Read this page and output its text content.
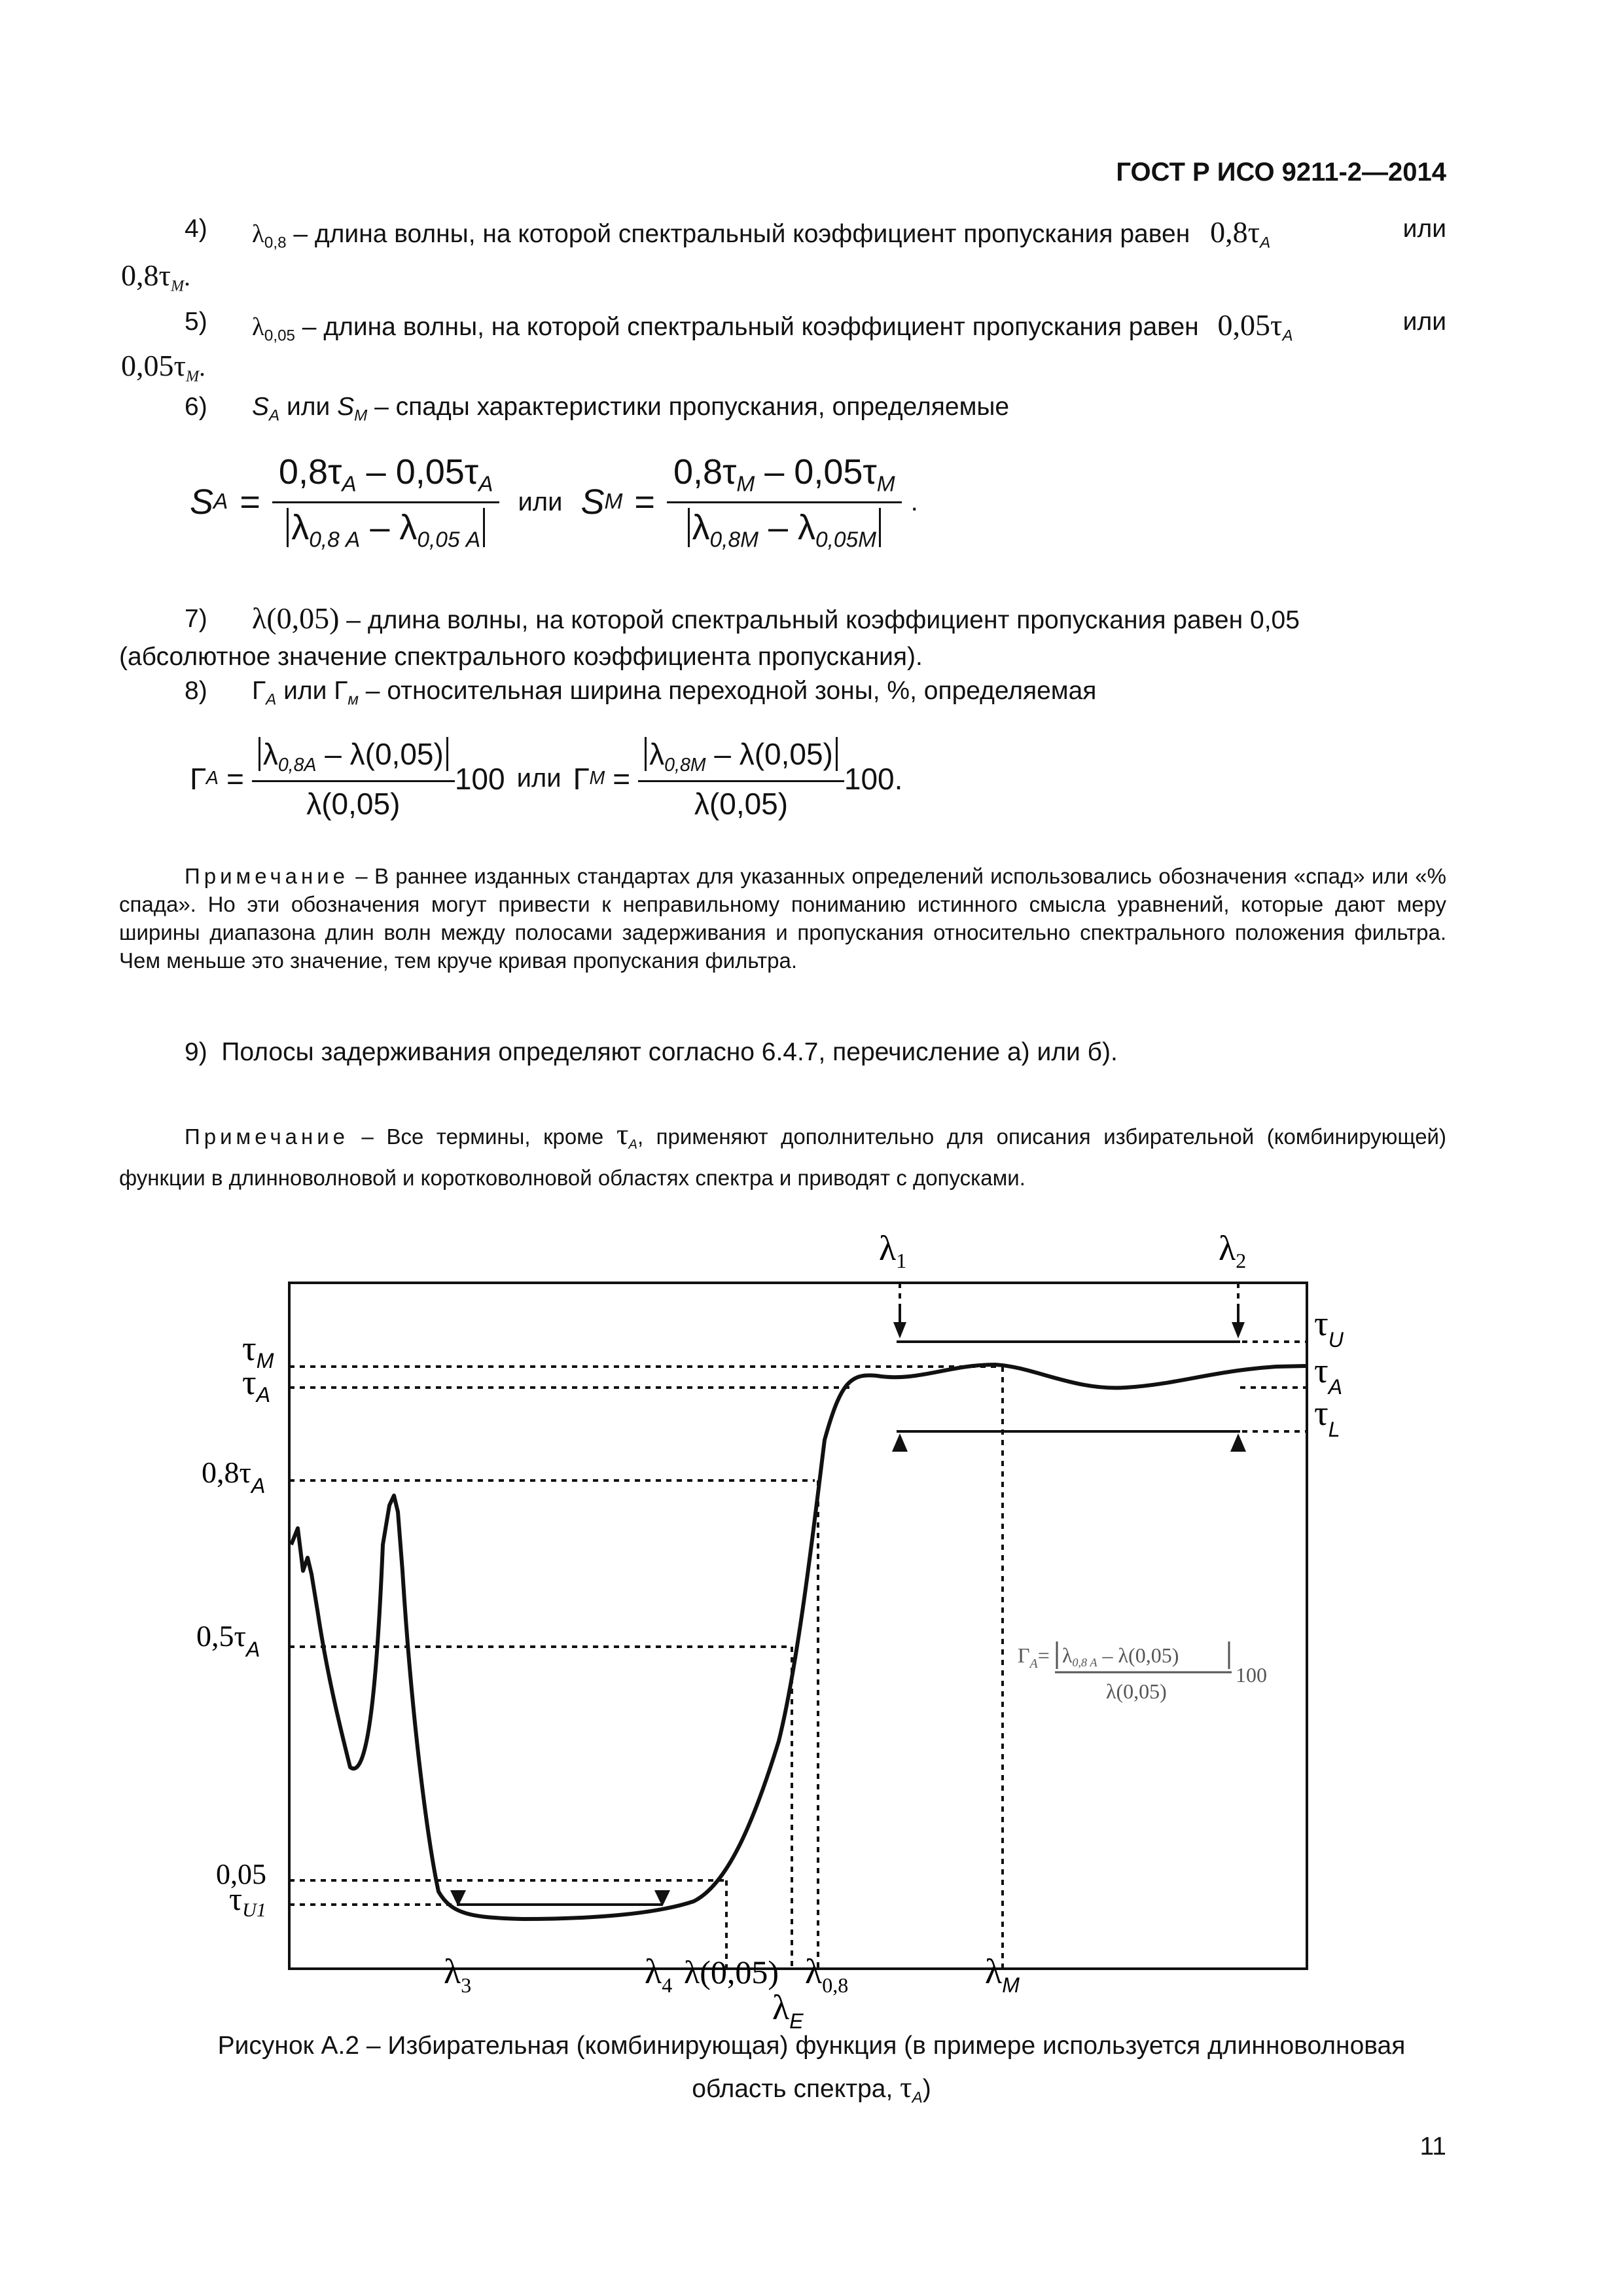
ГОСТ Р ИСО 9211-2—2014
4) $\lambda_{0,8}$ – длина волны, на которой спектральный коэффициент пропускания равен $0,8\tau_A$	или
$0,8\tau_M$.
5) $\lambda_{0,05}$ – длина волны, на которой спектральный коэффициент пропускания равен $0,05\tau_A$	или
$0,05\tau_M$.
6) $S_A$ или $S_M$ – спады характеристики пропускания, определяемые
S $A = \frac{0,8\tau_A - 0,05\tau_A}{\lambda_{0,8 A} - \lambda_{0,05 A}}$ или S $M = \frac{0,8\tau_M - 0,05\tau_M}{\lambda_{0,8M} - \lambda_{0,05M}}$ .
7) λ(0,05) – длина волны, на которой спектральный коэффициент пропускания равен 0,05
(абсолютное значение спектрального коэффициента пропускания).
8) $Г_A$ или $Г_м$ – относительная ширина переходной зоны, %, определяемая
Г $A = \frac{\lambda_{0,8A} - \lambda(0,05)}{\lambda(0,05)} 100$ или Г $M = \frac{\lambda_{0,8M} - \lambda(0,05)}{\lambda(0,05)} 100$ .
Примечание – В раннее изданных стандартах для указанных определений использовались обозначения «спад» или «% спада». Но эти обозначения могут привести к неправильному пониманию истинного смысла уравнений, которые дают меру ширины диапазона длин волн между полосами задерживания и пропускания относительно спектрального положения фильтра. Чем меньше это значение, тем круче кривая пропускания фильтра.
9) Полосы задерживания определяют согласно 6.4.7, перечисление а) или б).
Примечание – Все термины, кроме $\tau_A$, применяют дополнительно для описания избирательной (комбинирующей) функции в длинноволновой и коротковолновой областях спектра и приводят с допусками.
$Г_A= \lambda 0,8$ A – λ(0,05)
λ(0,05)
100
$\lambda_1$	$\lambda_2$
$\tau_U$
$\tau_A$
$\tau_L$
$\tau_M$
$\tau_A$
$0,8\tau_A$
$0,5\tau_A$
0,05
$\tau_{U1}$
$\lambda_3$	$\lambda_4$ λ(0,05) $\lambda_{0,8}$
$\lambda_E$
$\lambda_M$
Рисунок А.2 – Избирательная (комбинирующая) функция (в примере используется длинноволновая
область спектра, $\tau_A$)
11
